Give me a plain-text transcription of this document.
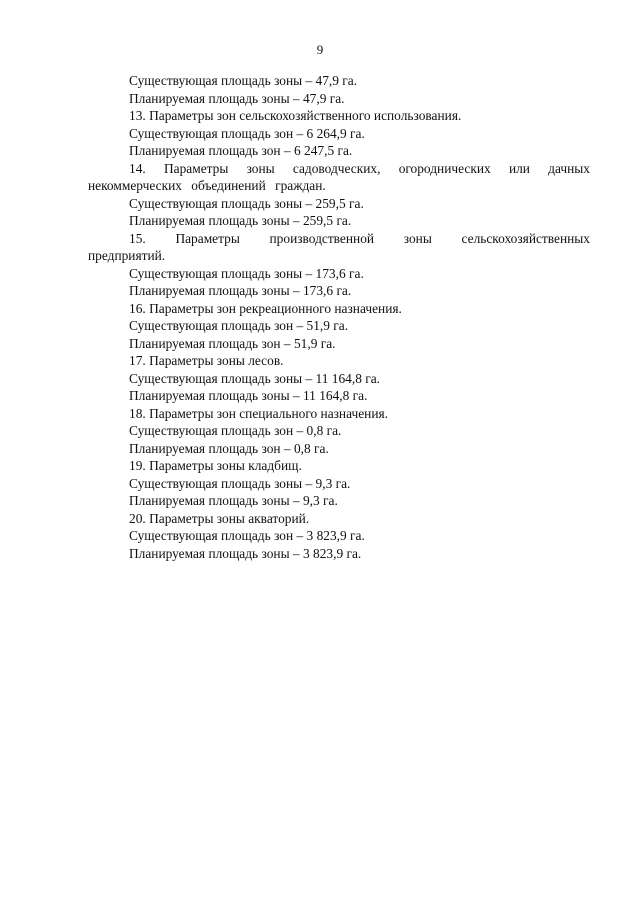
9

Существующая площадь зоны – 47,9 га.

Планируемая площадь зоны – 47,9 га.

13. Параметры зон сельскохозяйственного использования.

Существующая площадь зон – 6 264,9 га.

Планируемая площадь зон – 6 247,5 га.

14. Параметры зоны садоводческих, огороднических или дачных некоммерческих объединений граждан.

Существующая площадь зоны – 259,5 га.

Планируемая площадь зоны – 259,5 га.

15. Параметры производственной зоны сельскохозяйственных предприятий.

Существующая площадь зоны – 173,6 га.

Планируемая площадь зоны – 173,6 га.

16. Параметры зон рекреационного назначения.

Существующая площадь зон – 51,9 га.

Планируемая площадь зон – 51,9 га.

17. Параметры зоны лесов.

Существующая площадь зоны – 11 164,8 га.

Планируемая площадь зоны – 11 164,8 га.

18. Параметры зон специального назначения.

Существующая площадь зон – 0,8 га.

Планируемая площадь зон – 0,8 га.

19. Параметры зоны кладбищ.

Существующая площадь зоны – 9,3 га.

Планируемая площадь зоны – 9,3 га.

20. Параметры зоны акваторий.

Существующая площадь зон – 3 823,9 га.

Планируемая площадь зоны – 3 823,9 га.
